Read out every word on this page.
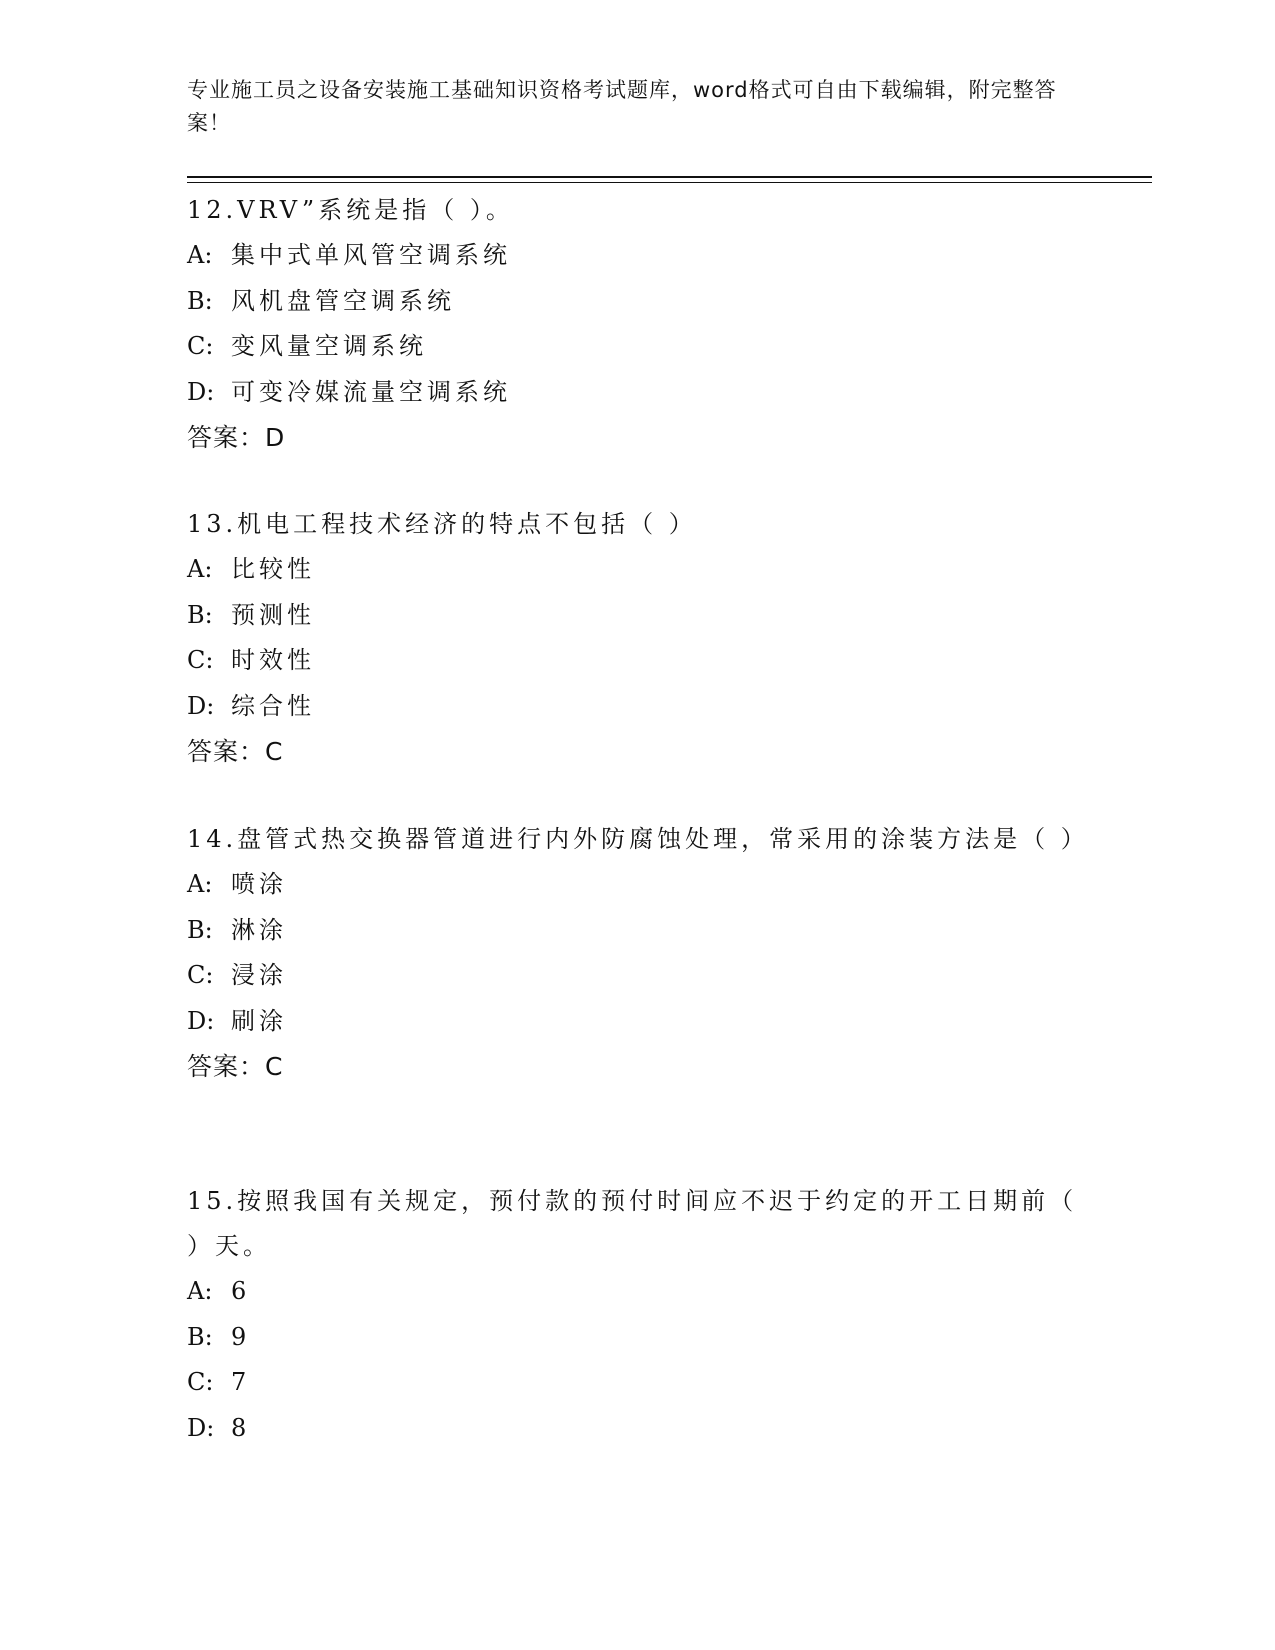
专业施工员之设备安装施工基础知识资格考试题库，word格式可自由下载编辑，附完整答案！

12.VRV”系统是指（ ）。

A: 集中式单风管空调系统

B: 风机盘管空调系统

C: 变风量空调系统

D: 可变冷媒流量空调系统

答案：D

13.机电工程技术经济的特点不包括（ ）

A: 比较性

B: 预测性

C: 时效性

D: 综合性

答案：C

14.盘管式热交换器管道进行内外防腐蚀处理，常采用的涂装方法是（ ）

A: 喷涂

B: 淋涂

C: 浸涂

D: 刷涂

答案：C

15.按照我国有关规定，预付款的预付时间应不迟于约定的开工日期前（ ）天。

A: 6

B: 9

C: 7

D: 8
